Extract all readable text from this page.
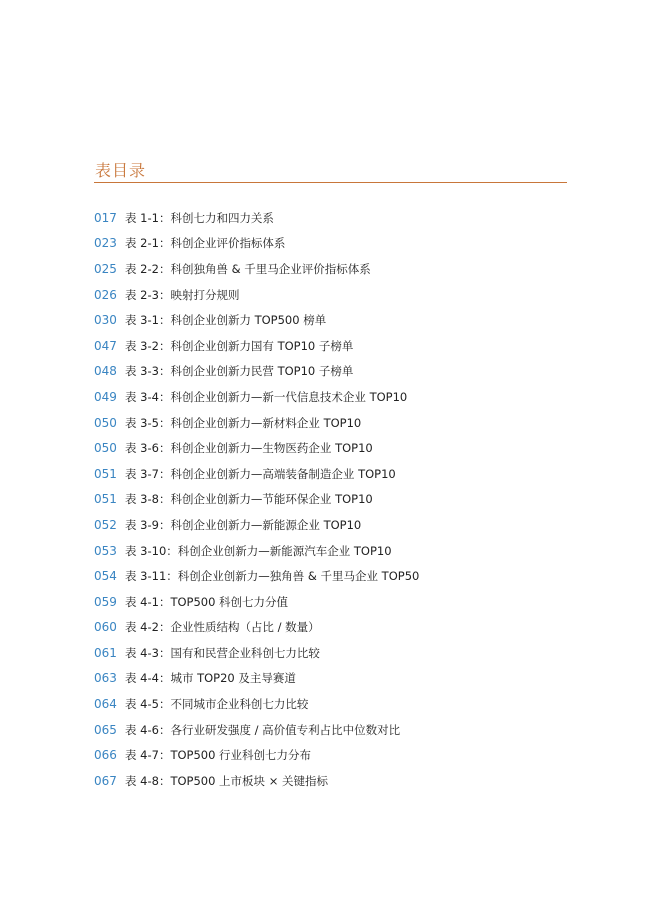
表目录
017 表 1-1：科创七力和四力关系
023 表 2-1：科创企业评价指标体系
025 表 2-2：科创独角兽 & 千里马企业评价指标体系
026 表 2-3：映射打分规则
030 表 3-1：科创企业创新力 TOP500 榜单
047 表 3-2：科创企业创新力国有 TOP10 子榜单
048 表 3-3：科创企业创新力民营 TOP10 子榜单
049 表 3-4：科创企业创新力—新一代信息技术企业 TOP10
050 表 3-5：科创企业创新力—新材料企业 TOP10
050 表 3-6：科创企业创新力—生物医药企业 TOP10
051 表 3-7：科创企业创新力—高端装备制造企业 TOP10
051 表 3-8：科创企业创新力—节能环保企业 TOP10
052 表 3-9：科创企业创新力—新能源企业 TOP10
053 表 3-10：科创企业创新力—新能源汽车企业 TOP10
054 表 3-11：科创企业创新力—独角兽 & 千里马企业 TOP50
059 表 4-1：TOP500 科创七力分值
060 表 4-2：企业性质结构（占比 / 数量）
061 表 4-3：国有和民营企业科创七力比较
063 表 4-4：城市 TOP20 及主导赛道
064 表 4-5：不同城市企业科创七力比较
065 表 4-6：各行业研发强度 / 高价值专利占比中位数对比
066 表 4-7：TOP500 行业科创七力分布
067 表 4-8：TOP500 上市板块 × 关键指标
